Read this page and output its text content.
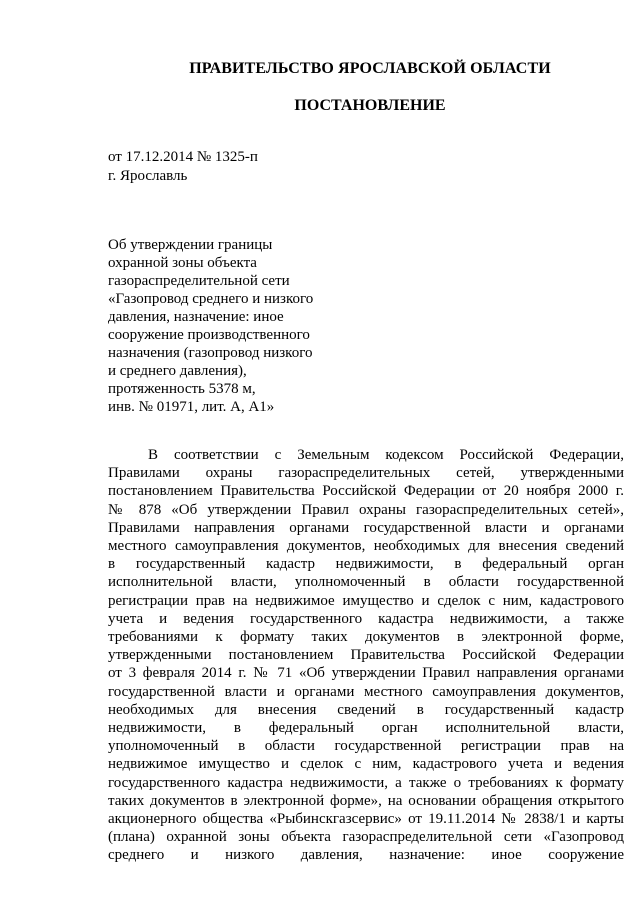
ПРАВИТЕЛЬСТВО ЯРОСЛАВСКОЙ ОБЛАСТИ
ПОСТАНОВЛЕНИЕ
от 17.12.2014 № 1325-п
г. Ярославль
Об утверждении границы
охранной зоны объекта
газораспределительной сети
«Газопровод среднего и низкого
давления, назначение: иное
сооружение производственного
назначения (газопровод низкого
и среднего давления),
протяженность 5378 м,
инв. № 01971, лит. А, А1»
В соответствии с Земельным кодексом Российской Федерации,
Правилами охраны газораспределительных сетей, утвержденными
постановлением Правительства Российской Федерации от 20 ноября 2000 г.
№ 878 «Об утверждении Правил охраны газораспределительных сетей»,
Правилами направления органами государственной власти и органами
местного самоуправления документов, необходимых для внесения сведений
в государственный кадастр недвижимости, в федеральный орган
исполнительной власти, уполномоченный в области государственной
регистрации прав на недвижимое имущество и сделок с ним, кадастрового
учета и ведения государственного кадастра недвижимости, а также
требованиями к формату таких документов в электронной форме,
утвержденными постановлением Правительства Российской Федерации
от 3 февраля 2014 г. № 71 «Об утверждении Правил направления органами
государственной власти и органами местного самоуправления документов,
необходимых для внесения сведений в государственный кадастр
недвижимости, в федеральный орган исполнительной власти,
уполномоченный в области государственной регистрации прав на
недвижимое имущество и сделок с ним, кадастрового учета и ведения
государственного кадастра недвижимости, а также о требованиях к формату
таких документов в электронной форме», на основании обращения открытого
акционерного общества «Рыбинскгазсервис» от 19.11.2014 № 2838/1 и карты
(плана) охранной зоны объекта газораспределительной сети «Газопровод
среднего и низкого давления, назначение: иное сооружение
